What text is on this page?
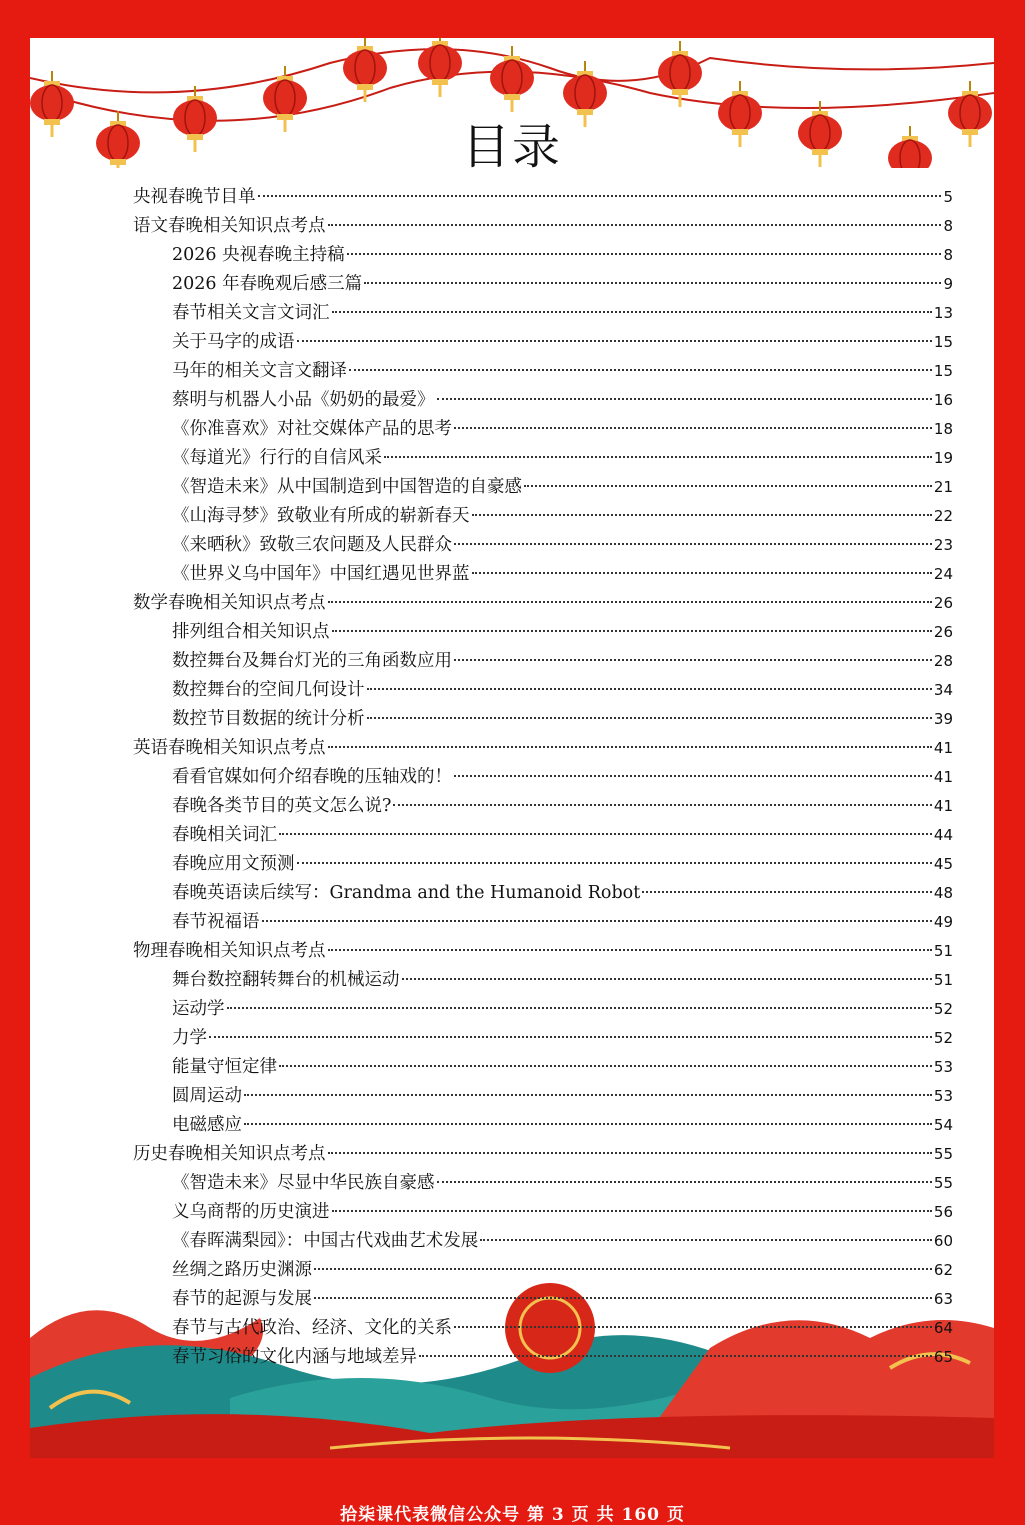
目录
央视春晚节目单	5
语文春晚相关知识点考点	8
2026 央视春晚主持稿	8
2026 年春晚观后感三篇	9
春节相关文言文词汇	13
关于马字的成语	15
马年的相关文言文翻译	15
蔡明与机器人小品《奶奶的最爱》	16
《你准喜欢》对社交媒体产品的思考	18
《每道光》行行的自信风采	19
《智造未来》从中国制造到中国智造的自豪感	21
《山海寻梦》致敬业有所成的崭新春天	22
《来晒秋》致敬三农问题及人民群众	23
《世界义乌中国年》中国红遇见世界蓝	24
数学春晚相关知识点考点	26
排列组合相关知识点	26
数控舞台及舞台灯光的三角函数应用	28
数控舞台的空间几何设计	34
数控节目数据的统计分析	39
英语春晚相关知识点考点	41
看看官媒如何介绍春晚的压轴戏的！	41
春晚各类节目的英文怎么说?	41
春晚相关词汇	44
春晚应用文预测	45
春晚英语读后续写：Grandma and the Humanoid Robot	48
春节祝福语	49
物理春晚相关知识点考点	51
舞台数控翻转舞台的机械运动	51
运动学	52
力学	52
能量守恒定律	53
圆周运动	53
电磁感应	54
历史春晚相关知识点考点	55
《智造未来》尽显中华民族自豪感	55
义乌商帮的历史演进	56
《春晖满梨园》：中国古代戏曲艺术发展	60
丝绸之路历史渊源	62
春节的起源与发展	63
春节与古代政治、经济、文化的关系	64
春节习俗的文化内涵与地域差异	65
拾柒课代表微信公众号 第 3 页 共 160 页
